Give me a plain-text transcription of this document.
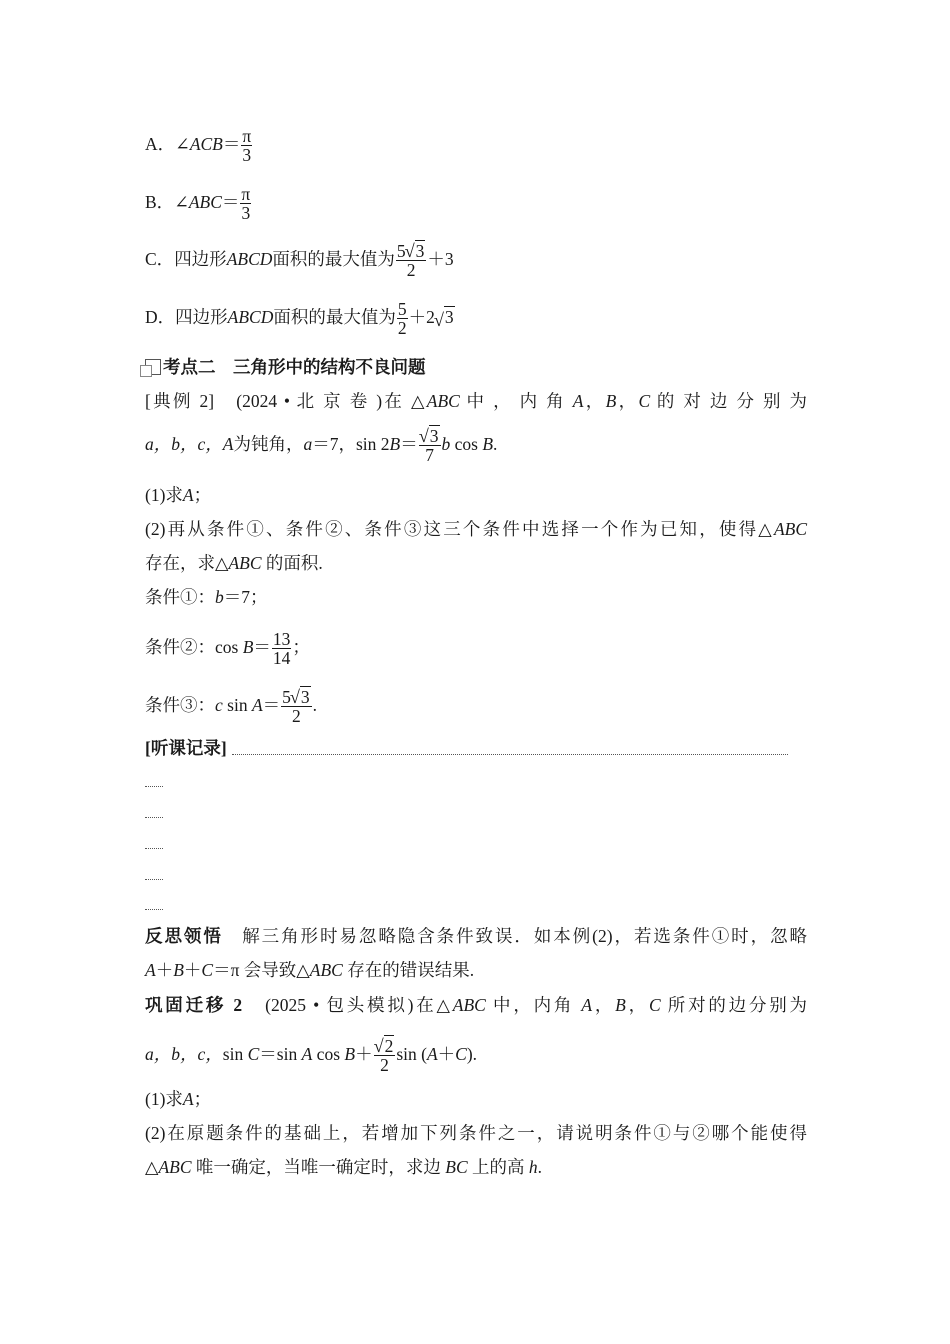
A．∠ACB＝ $\frac{\pi}{3}$
B．∠ABC＝ $\frac{\pi}{3}$
C．四边形ABCD面积的最大值为 $\frac{5 √ 3}{2} +3$
D．四边形ABCD面积的最大值为 $\frac{5}{2} +2$ √ 3
考点二　三角形中的结构不良问题
[典例 2]　 (2024 • 北 京 卷 )在 △ABC 中 ， 内 角 A，B，C 的 对 边 分 别 为
a，b，c，A为钝角，a＝7，$\sin 2B= \frac{√ 3}{7}$ b cos B.
(1)求A；
(2)再从条件①、条件②、条件③这三个条件中选择一个作为已知，使得△ABC
存在，求△ABC 的面积.
条件①：b＝7；
条件②：$\cos B= \frac{13}{14}$ ；
条件③：c $\sin A= \frac{5 √ 3}{2}$ .
[听课记录]
反思领悟　解三角形时易忽略隐含条件致误．如本例(2)，若选条件①时，忽略
A＋B＋C＝π 会导致△ABC 存在的错误结果.
巩固迁移 2　(2025 • 包头模拟)在△ABC 中，内角 A，B，C 所对的边分别为
a，b，c，sin C＝sin A $\cos B+ \frac{√ 2}{2}$ sin (A＋C).
(1)求A；
(2)在原题条件的基础上，若增加下列条件之一，请说明条件①与②哪个能使得
△ABC 唯一确定，当唯一确定时，求边 BC 上的高 h.
